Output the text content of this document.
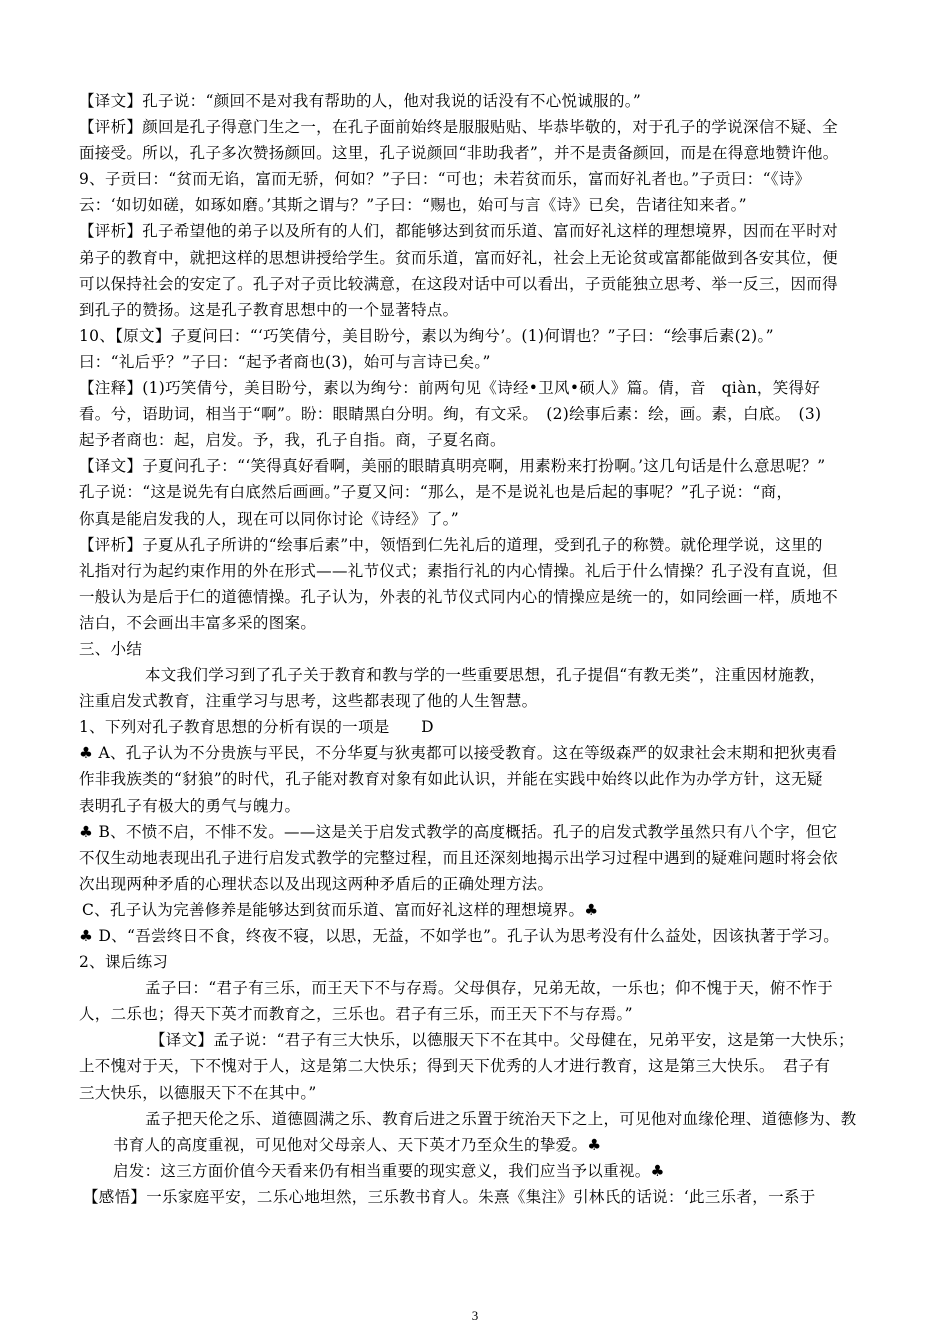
【译文】孔子说：“颜回不是对我有帮助的人，他对我说的话没有不心悦诚服的。”
【评析】颜回是孔子得意门生之一，在孔子面前始终是服服贴贴、毕恭毕敬的，对于孔子的学说深信不疑、全
面接受。所以，孔子多次赞扬颜回。这里，孔子说颜回“非助我者”，并不是责备颜回，而是在得意地赞许他。
9、子贡曰：“贫而无谄，富而无骄，何如？”子曰：“可也；未若贫而乐，富而好礼者也。”子贡曰：“《诗》
云：‘如切如磋，如琢如磨。’其斯之谓与？”子曰：“赐也，始可与言《诗》已矣，告诸往知来者。”
【评析】孔子希望他的弟子以及所有的人们，都能够达到贫而乐道、富而好礼这样的理想境界，因而在平时对
弟子的教育中，就把这样的思想讲授给学生。贫而乐道，富而好礼，社会上无论贫或富都能做到各安其位，便
可以保持社会的安定了。孔子对子贡比较满意，在这段对话中可以看出，子贡能独立思考、举一反三，因而得
到孔子的赞扬。这是孔子教育思想中的一个显著特点。
10、【原文】子夏问曰：“‘巧笑倩兮，美目盼兮，素以为绚兮’。(1)何谓也？”子曰：“绘事后素(2)。”
曰：“礼后乎？”子曰：“起予者商也(3)，始可与言诗已矣。”
【注释】(1)巧笑倩兮，美目盼兮，素以为绚兮：前两句见《诗经•卫风•硕人》篇。倩，音　qiàn，笑得好
看。兮，语助词，相当于“啊”。盼：眼睛黑白分明。绚，有文采。　(2)绘事后素：绘，画。素，白底。　(3)
起予者商也：起，启发。予，我，孔子自指。商，子夏名商。
【译文】子夏问孔子：“‘笑得真好看啊，美丽的眼睛真明亮啊，用素粉来打扮啊。’这几句话是什么意思呢？”
孔子说：“这是说先有白底然后画画。”子夏又问：“那么，是不是说礼也是后起的事呢？”孔子说：“商，
你真是能启发我的人，现在可以同你讨论《诗经》了。”
【评析】子夏从孔子所讲的“绘事后素”中，领悟到仁先礼后的道理，受到孔子的称赞。就伦理学说，这里的
礼指对行为起约束作用的外在形式——礼节仪式；素指行礼的内心情操。礼后于什么情操？孔子没有直说，但
一般认为是后于仁的道德情操。孔子认为，外表的礼节仪式同内心的情操应是统一的，如同绘画一样，质地不
洁白，不会画出丰富多采的图案。
三、小结
本文我们学习到了孔子关于教育和教与学的一些重要思想，孔子提倡“有教无类”，注重因材施教，
注重启发式教育，注重学习与思考，这些都表现了他的人生智慧。
1、下列对孔子教育思想的分析有误的一项是　　D
♣ A、孔子认为不分贵族与平民，不分华夏与狄夷都可以接受教育。这在等级森严的奴隶社会末期和把狄夷看
作非我族类的“豺狼”的时代，孔子能对教育对象有如此认识，并能在实践中始终以此作为办学方针，这无疑
表明孔子有极大的勇气与魄力。
♣ B、不愤不启，不悱不发。——这是关于启发式教学的高度概括。孔子的启发式教学虽然只有八个字，但它
不仅生动地表现出孔子进行启发式教学的完整过程，而且还深刻地揭示出学习过程中遇到的疑难问题时将会依
次出现两种矛盾的心理状态以及出现这两种矛盾后的正确处理方法。
C、孔子认为完善修养是能够达到贫而乐道、富而好礼这样的理想境界。♣
♣ D、“吾尝终日不食，终夜不寝，以思，无益，不如学也”。孔子认为思考没有什么益处，因该执著于学习。
2、课后练习
孟子曰：“君子有三乐，而王天下不与存焉。父母俱存，兄弟无故，一乐也；仰不愧于天，俯不怍于
人，二乐也；得天下英才而教育之，三乐也。君子有三乐，而王天下不与存焉。”
【译文】孟子说：“君子有三大快乐，以德服天下不在其中。父母健在，兄弟平安，这是第一大快乐；
上不愧对于天，下不愧对于人，这是第二大快乐；得到天下优秀的人才进行教育，这是第三大快乐。　君子有
三大快乐，以德服天下不在其中。”
孟子把天伦之乐、道德圆满之乐、教育后进之乐置于统治天下之上，可见他对血缘伦理、道德修为、教
书育人的高度重视，可见他对父母亲人、天下英才乃至众生的挚爱。♣
启发：这三方面价值今天看来仍有相当重要的现实意义，我们应当予以重视。♣
【感悟】一乐家庭平安，二乐心地坦然，三乐教书育人。朱熹《集注》引林氏的话说：‘此三乐者，一系于
3
